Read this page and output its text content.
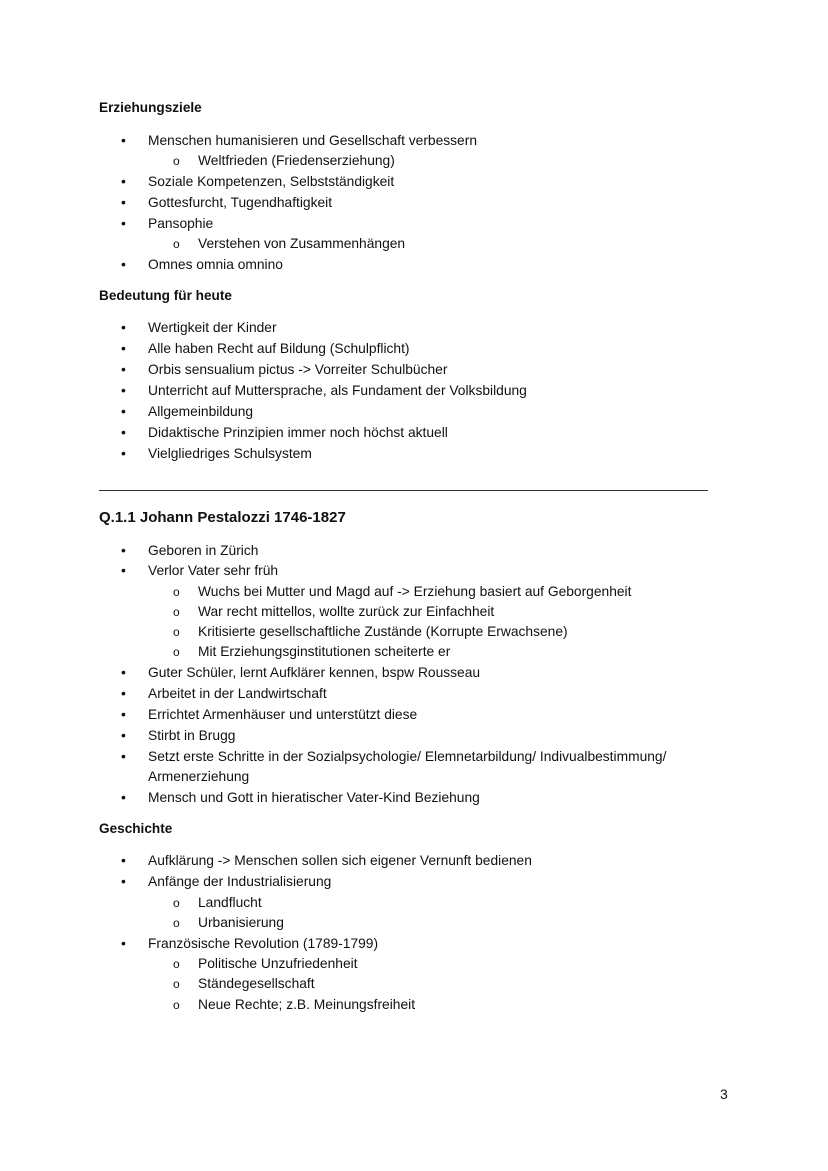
Erziehungsziele
• Menschen humanisieren und Gesellschaft verbessern
o Weltfrieden (Friedenserziehung)
• Soziale Kompetenzen, Selbstständigkeit
• Gottesfurcht, Tugendhaftigkeit
• Pansophie
o Verstehen von Zusammenhängen
• Omnes omnia omnino
Bedeutung für heute
• Wertigkeit der Kinder
• Alle haben Recht auf Bildung (Schulpflicht)
• Orbis sensualium pictus -> Vorreiter Schulbücher
• Unterricht auf Muttersprache, als Fundament der Volksbildung
• Allgemeinbildung
• Didaktische Prinzipien immer noch höchst aktuell
• Vielgliedriges Schulsystem
Q.1.1 Johann Pestalozzi 1746-1827
• Geboren in Zürich
• Verlor Vater sehr früh
o Wuchs bei Mutter und Magd auf -> Erziehung basiert auf Geborgenheit
o War recht mittellos, wollte zurück zur Einfachheit
o Kritisierte gesellschaftliche Zustände (Korrupte Erwachsene)
o Mit Erziehungsginstitutionen scheiterte er
• Guter Schüler, lernt Aufklärer kennen, bspw Rousseau
• Arbeitet in der Landwirtschaft
• Errichtet Armenhäuser und unterstützt diese
• Stirbt in Brugg
• Setzt erste Schritte in der Sozialpsychologie/ Elemnetarbildung/ Indivualbestimmung/
Armenerziehung
• Mensch und Gott in hieratischer Vater-Kind Beziehung
Geschichte
• Aufklärung -> Menschen sollen sich eigener Vernunft bedienen
• Anfänge der Industrialisierung
o Landflucht
o Urbanisierung
• Französische Revolution (1789-1799)
o Politische Unzufriedenheit
o Ständegesellschaft
o Neue Rechte; z.B. Meinungsfreiheit
3
